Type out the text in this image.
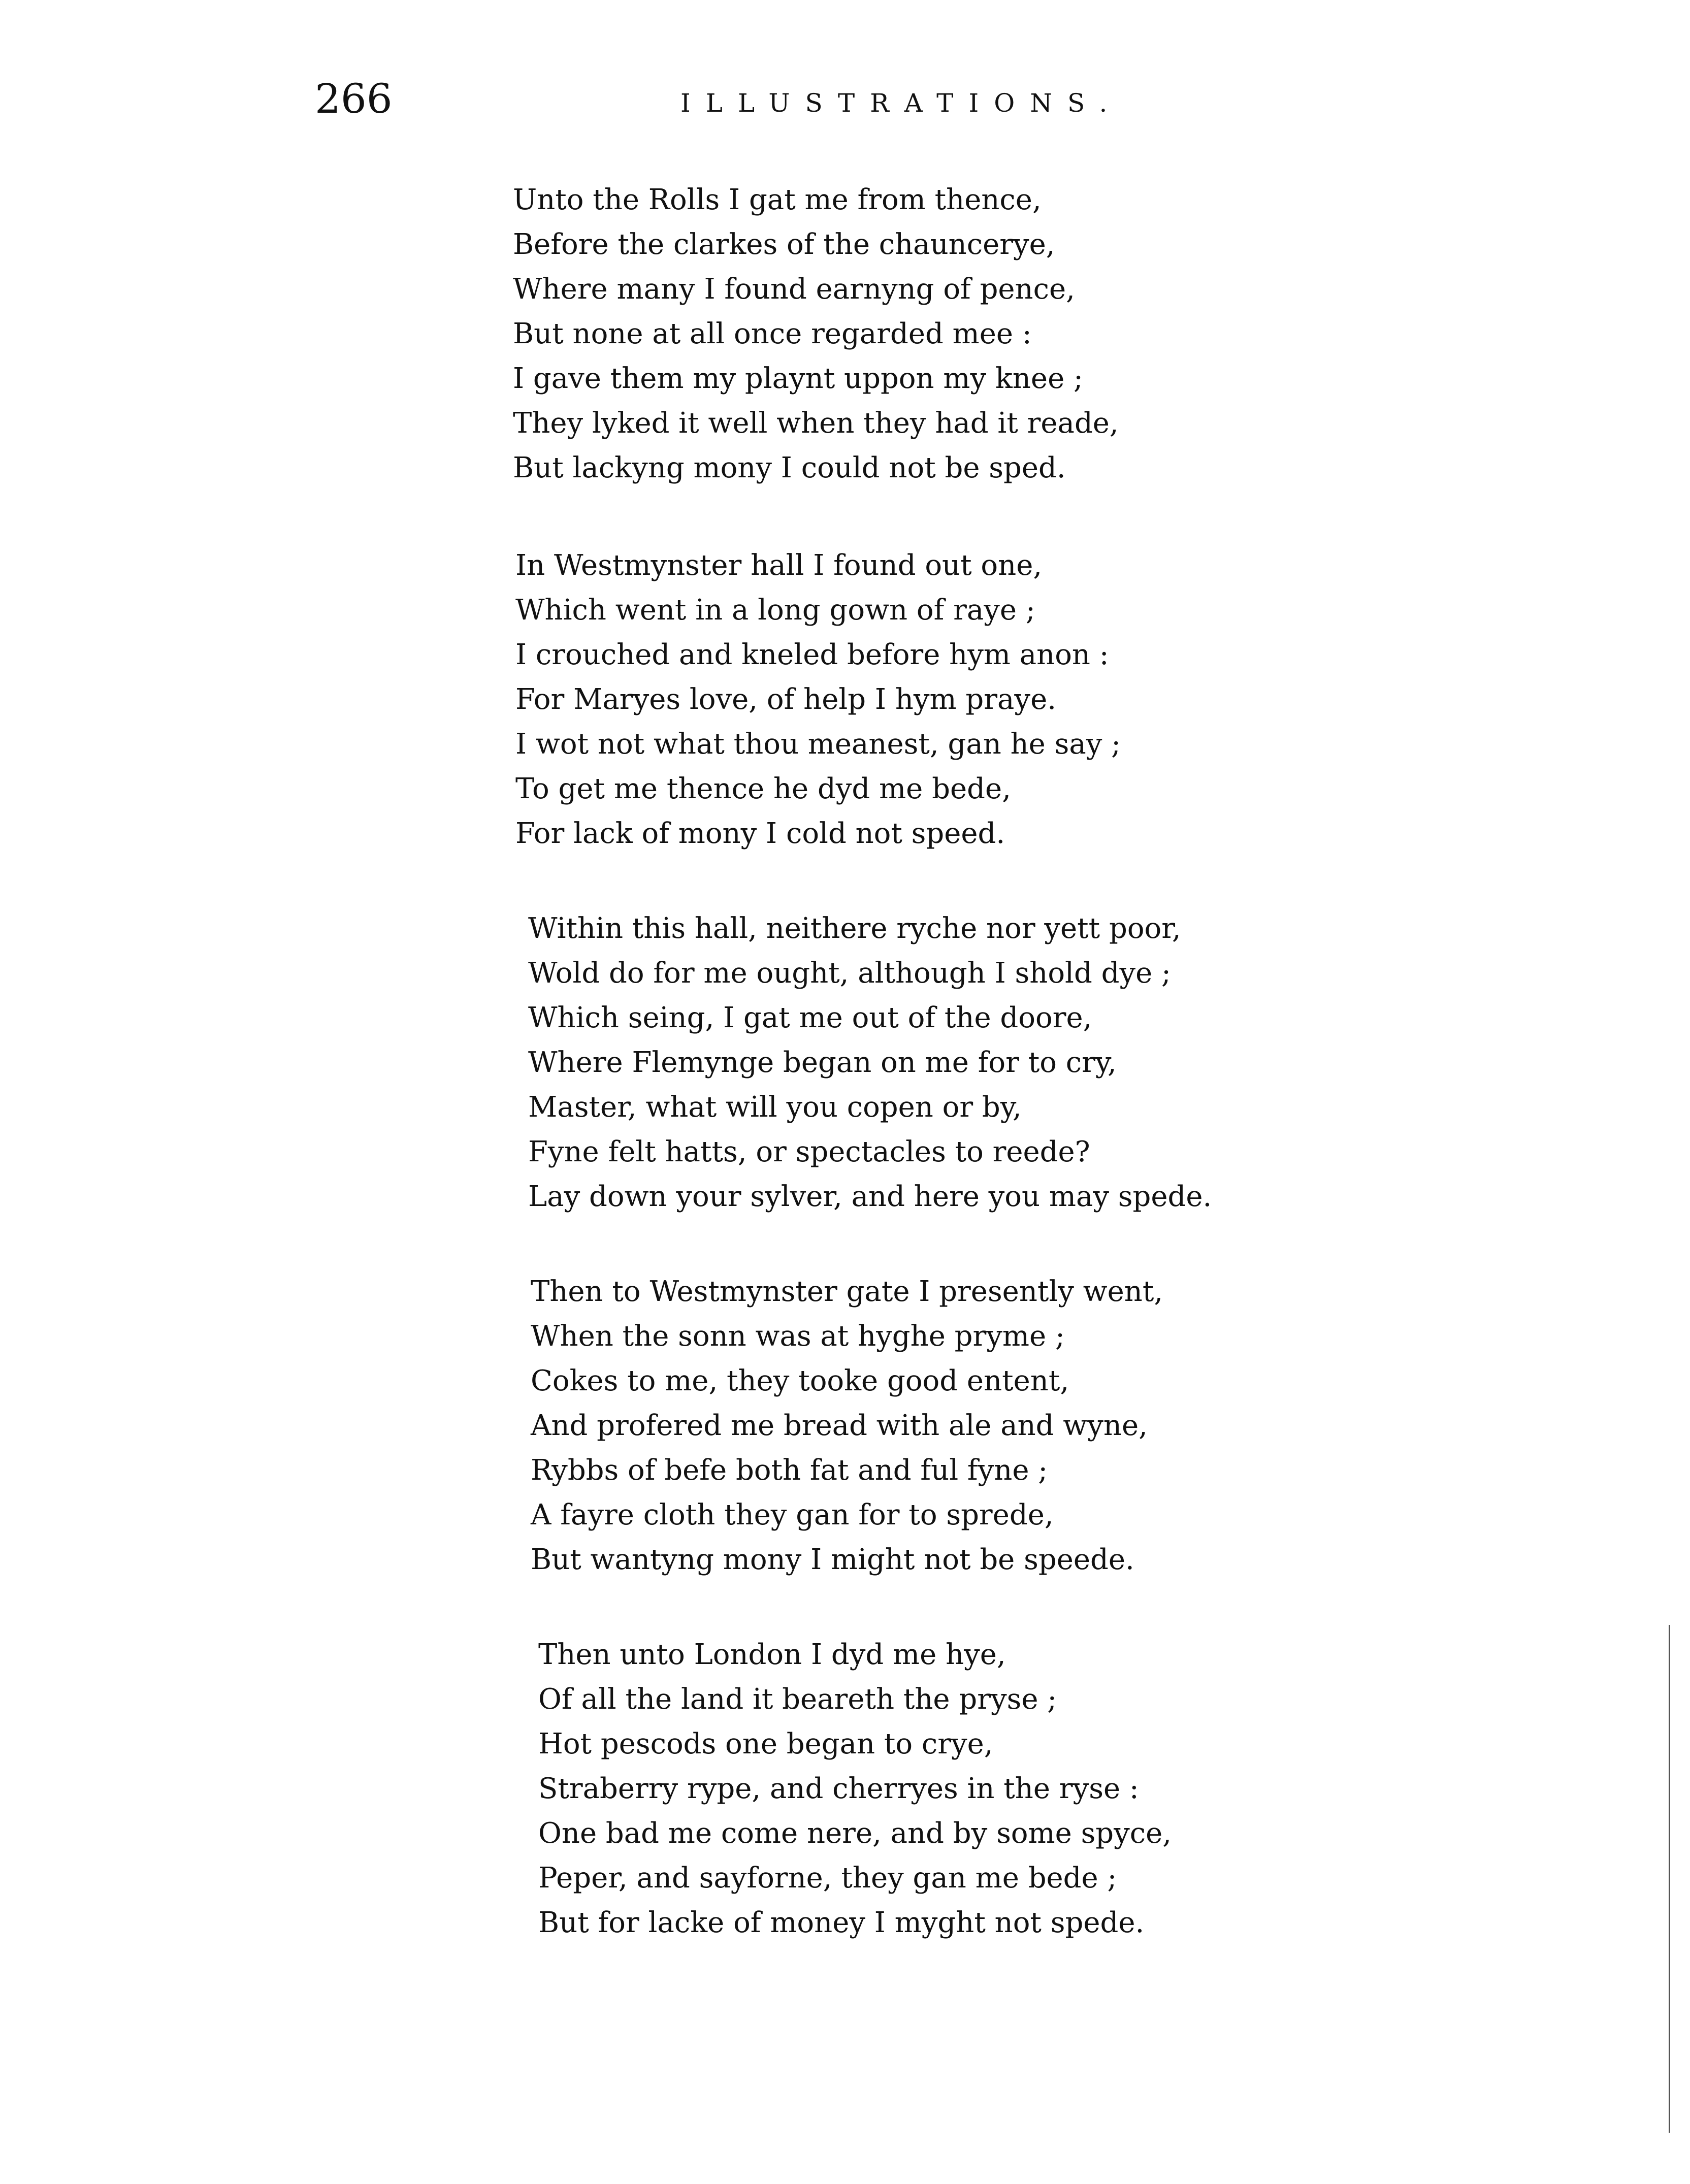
266	ILLUSTRATIONS.
Unto the Rolls I gat me from thence,
Before the clarkes of the chauncerye,
Where many I found earnyng of pence,
But none at all once regarded mee :
I gave them my playnt uppon my knee ;
They lyked it well when they had it reade,
But lackyng mony I could not be sped.
In Westmynster hall I found out one,
Which went in a long gown of raye ;
I crouched and kneled before hym anon :
For Maryes love, of help I hym praye.
I wot not what thou meanest, gan he say ;
To get me thence he dyd me bede,
For lack of mony I cold not speed.
Within this hall, neithere ryche nor yett poor,
Wold do for me ought, although I shold dye ;
Which seing, I gat me out of the doore,
Where Flemynge began on me for to cry,
Master, what will you copen or by,
Fyne felt hatts, or spectacles to reede?
Lay down your sylver, and here you may spede.
Then to Westmynster gate I presently went,
When the sonn was at hyghe pryme ;
Cokes to me, they tooke good entent,
And profered me bread with ale and wyne,
Rybbs of befe both fat and ful fyne ;
A fayre cloth they gan for to sprede,
But wantyng mony I might not be speede.
Then unto London I dyd me hye,
Of all the land it beareth the pryse ;
Hot pescods one began to crye,
Straberry rype, and cherryes in the ryse :
One bad me come nere, and by some spyce,
Peper, and sayforne, they gan me bede ;
But for lacke of money I myght not spede.
